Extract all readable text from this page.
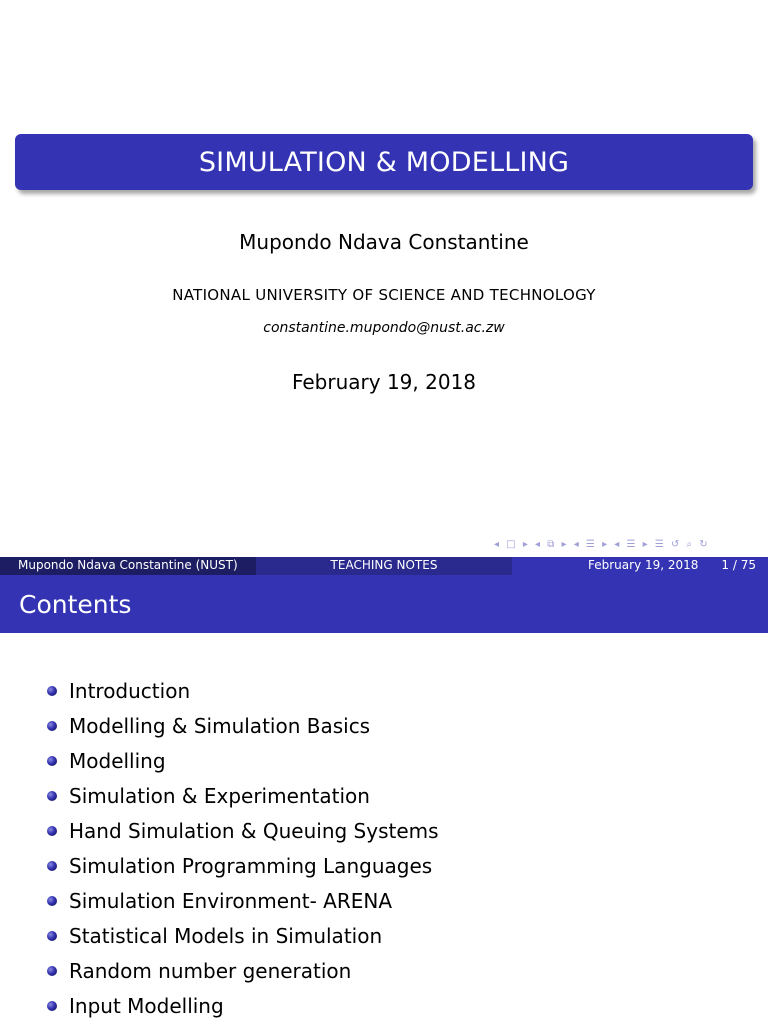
SIMULATION & MODELLING
Mupondo Ndava Constantine
NATIONAL UNIVERSITY OF SCIENCE AND TECHNOLOGY
constantine.mupondo@nust.ac.zw
February 19, 2018
◂ □ ▸ ◂ ⧉ ▸ ◂ ☰ ▸ ◂ ☰ ▸ ☰ ↺ ⌕ ↻
Mupondo Ndava Constantine (NUST)	TEACHING NOTES	February 19, 2018 1 / 75
Contents
Introduction
Modelling & Simulation Basics
Modelling
Simulation & Experimentation
Hand Simulation & Queuing Systems
Simulation Programming Languages
Simulation Environment- ARENA
Statistical Models in Simulation
Random number generation
Input Modelling
